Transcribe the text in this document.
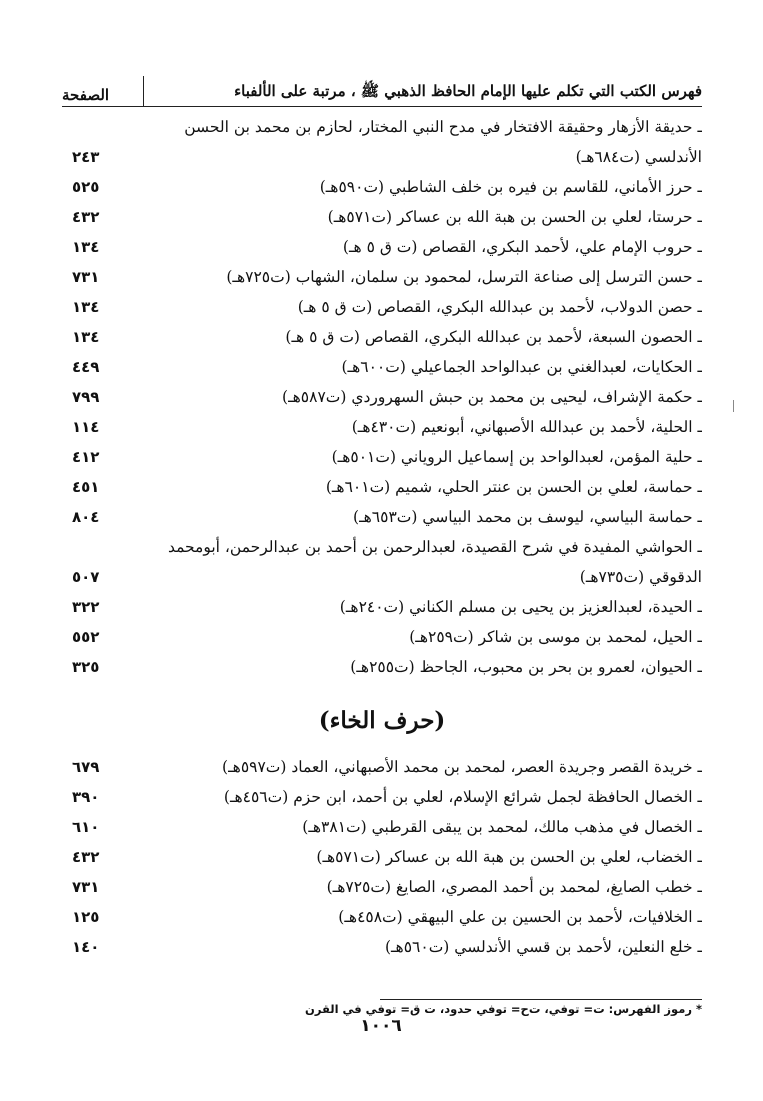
فهرس الكتب التي تكلم عليها الإمام الحافظ الذهبي ﷺ ، مرتبة على الألفباء
الصفحة
ـ حديقة الأزهار وحقيقة الافتخار في مدح النبي المختار، لحازم بن محمد بن الحسن الأندلسي (ت٦٨٤هـ)
٢٤٣
ـ حرز الأماني، للقاسم بن فيره بن خلف الشاطبي (ت٥٩٠هـ)
٥٢٥
ـ حرستا، لعلي بن الحسن بن هبة الله بن عساكر (ت٥٧١هـ)
٤٣٢
ـ حروب الإمام علي، لأحمد البكري، القصاص (ت ق ٥ هـ)
١٣٤
ـ حسن الترسل إلى صناعة الترسل، لمحمود بن سلمان، الشهاب (ت٧٢٥هـ)
٧٣١
ـ حصن الدولاب، لأحمد بن عبدالله البكري، القصاص (ت ق ٥ هـ)
١٣٤
ـ الحصون السبعة، لأحمد بن عبدالله البكري، القصاص (ت ق ٥ هـ)
١٣٤
ـ الحكايات، لعبدالغني بن عبدالواحد الجماعيلي (ت٦٠٠هـ)
٤٤٩
ـ حكمة الإشراف، ليحيى بن محمد بن حبش السهروردي (ت٥٨٧هـ)
٧٩٩
ـ الحلية، لأحمد بن عبدالله الأصبهاني، أبونعيم (ت٤٣٠هـ)
١١٤
ـ حلية المؤمن، لعبدالواحد بن إسماعيل الروياني (ت٥٠١هـ)
٤١٢
ـ حماسة، لعلي بن الحسن بن عنتر الحلي، شميم (ت٦٠١هـ)
٤٥١
ـ حماسة البياسي، ليوسف بن محمد البياسي (ت٦٥٣هـ)
٨٠٤
ـ الحواشي المفيدة في شرح القصيدة، لعبدالرحمن بن أحمد بن عبدالرحمن، أبومحمد الدقوقي (ت٧٣٥هـ)
٥٠٧
ـ الحيدة، لعبدالعزيز بن يحيى بن مسلم الكناني (ت٢٤٠هـ)
٣٢٢
ـ الحيل، لمحمد بن موسى بن شاكر (ت٢٥٩هـ)
٥٥٢
ـ الحيوان، لعمرو بن بحر بن محبوب، الجاحظ (ت٢٥٥هـ)
٣٢٥
(حرف الخاء)
ـ خريدة القصر وجريدة العصر، لمحمد بن محمد الأصبهاني، العماد (ت٥٩٧هـ)
٦٧٩
ـ الخصال الحافظة لجمل شرائع الإسلام، لعلي بن أحمد، ابن حزم (ت٤٥٦هـ)
٣٩٠
ـ الخصال في مذهب مالك، لمحمد بن يبقى القرطبي (ت٣٨١هـ)
٦١٠
ـ الخضاب، لعلي بن الحسن بن هبة الله بن عساكر (ت٥٧١هـ)
٤٣٢
ـ خطب الصايغ، لمحمد بن أحمد المصري، الصايغ (ت٧٢٥هـ)
٧٣١
ـ الخلافيات، لأحمد بن الحسين بن علي البيهقي (ت٤٥٨هـ)
١٢٥
ـ خلع النعلين، لأحمد بن قسي الأندلسي (ت٥٦٠هـ)
١٤٠
* رموز الفهرس: ت= توفي، ت‌ح= توفي حدود، ت ق= توفي في القرن
١٠٠٦
